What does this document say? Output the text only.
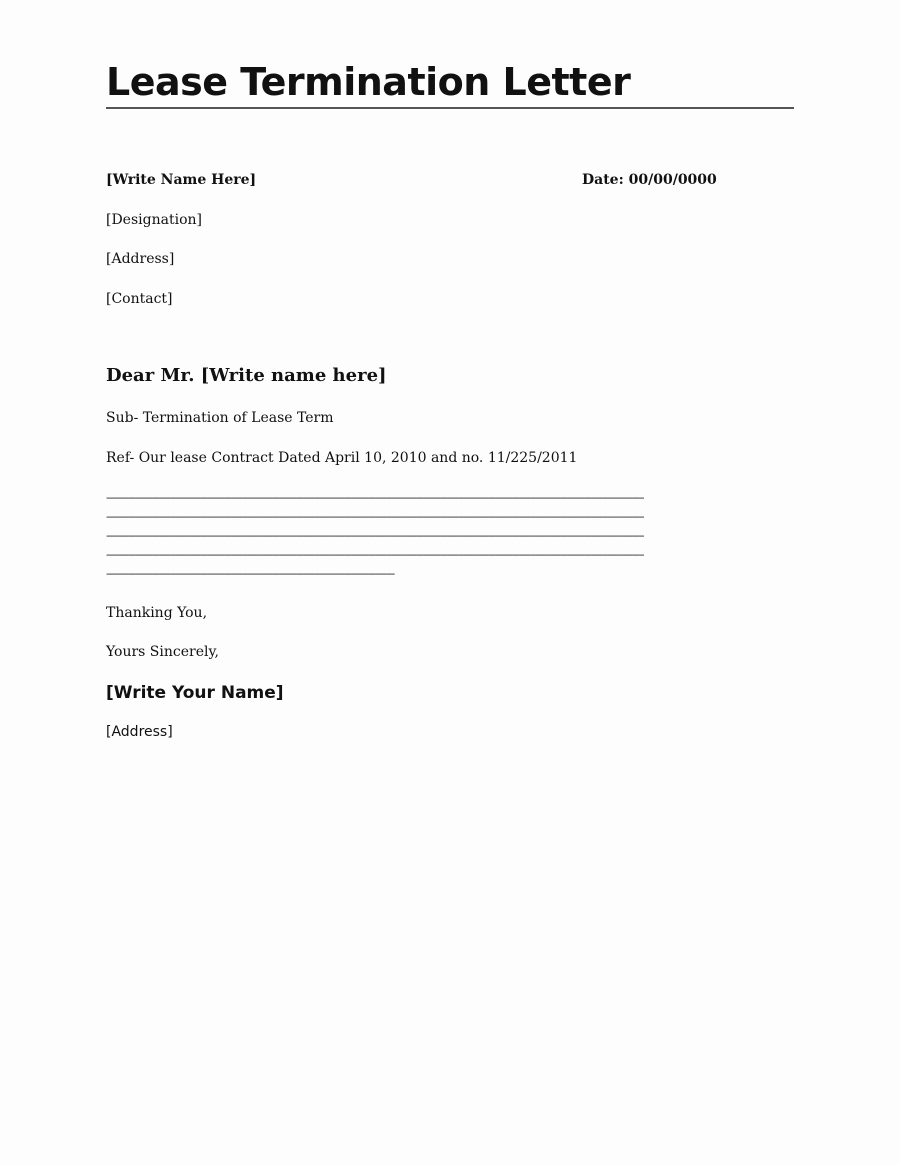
Lease Termination Letter

[Write Name Here]	Date: 00/00/0000

[Designation]

[Address]

[Contact]

Dear Mr. [Write name here]

Sub- Termination of Lease Term

Ref- Our lease Contract Dated April 10, 2010 and no. 11/225/2011

--------------------------------------------------------------------------------------------------------------------------------------------------------------------------------------------------
--------------------------------------------------------------------------------------------------------------------------------------------------------------------------------------------------
--------------------------------------------------------------------------------------------------------------------------------------------------------------------------------------------------
--------------------------------------------------------------------------------------------------------------------------------------------------------------------------------------------------
--------------------------------------------------------------------------------------------------------

Thanking You,

Yours Sincerely,

[Write Your Name]

[Address]
